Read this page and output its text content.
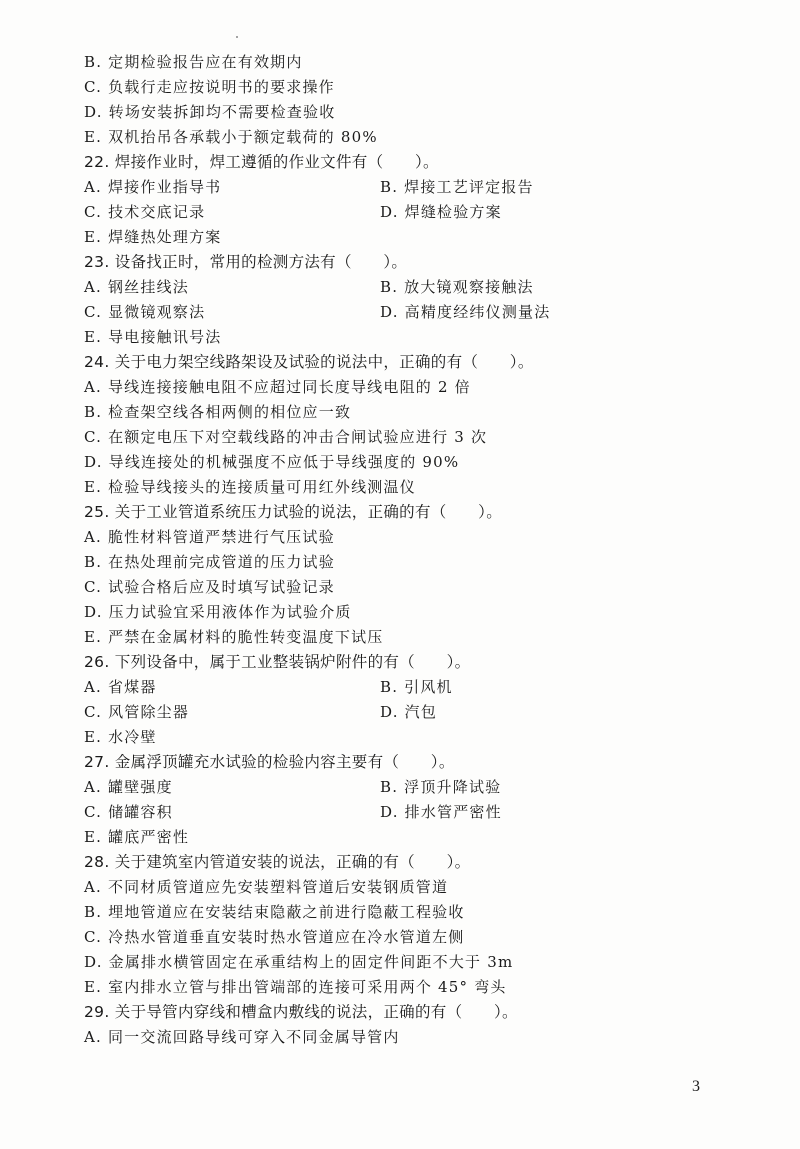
B. 定期检验报告应在有效期内
C. 负载行走应按说明书的要求操作
D. 转场安装拆卸均不需要检查验收
E. 双机抬吊各承载小于额定载荷的 80%
22. 焊接作业时，焊工遵循的作业文件有（　　）。
A. 焊接作业指导书	B. 焊接工艺评定报告
C. 技术交底记录	D. 焊缝检验方案
E. 焊缝热处理方案
23. 设备找正时，常用的检测方法有（　　）。
A. 钢丝挂线法	B. 放大镜观察接触法
C. 显微镜观察法	D. 高精度经纬仪测量法
E. 导电接触讯号法
24. 关于电力架空线路架设及试验的说法中，正确的有（　　）。
A. 导线连接接触电阻不应超过同长度导线电阻的 2 倍
B. 检查架空线各相两侧的相位应一致
C. 在额定电压下对空载线路的冲击合闸试验应进行 3 次
D. 导线连接处的机械强度不应低于导线强度的 90%
E. 检验导线接头的连接质量可用红外线测温仪
25. 关于工业管道系统压力试验的说法，正确的有（　　）。
A. 脆性材料管道严禁进行气压试验
B. 在热处理前完成管道的压力试验
C. 试验合格后应及时填写试验记录
D. 压力试验宜采用液体作为试验介质
E. 严禁在金属材料的脆性转变温度下试压
26. 下列设备中，属于工业整装锅炉附件的有（　　）。
A. 省煤器	B. 引风机
C. 风管除尘器	D. 汽包
E. 水冷壁
27. 金属浮顶罐充水试验的检验内容主要有（　　）。
A. 罐壁强度	B. 浮顶升降试验
C. 储罐容积	D. 排水管严密性
E. 罐底严密性
28. 关于建筑室内管道安装的说法，正确的有（　　）。
A. 不同材质管道应先安装塑料管道后安装钢质管道
B. 埋地管道应在安装结束隐蔽之前进行隐蔽工程验收
C. 冷热水管道垂直安装时热水管道应在冷水管道左侧
D. 金属排水横管固定在承重结构上的固定件间距不大于 3m
E. 室内排水立管与排出管端部的连接可采用两个 45° 弯头
29. 关于导管内穿线和槽盒内敷线的说法，正确的有（　　）。
A. 同一交流回路导线可穿入不同金属导管内
3
